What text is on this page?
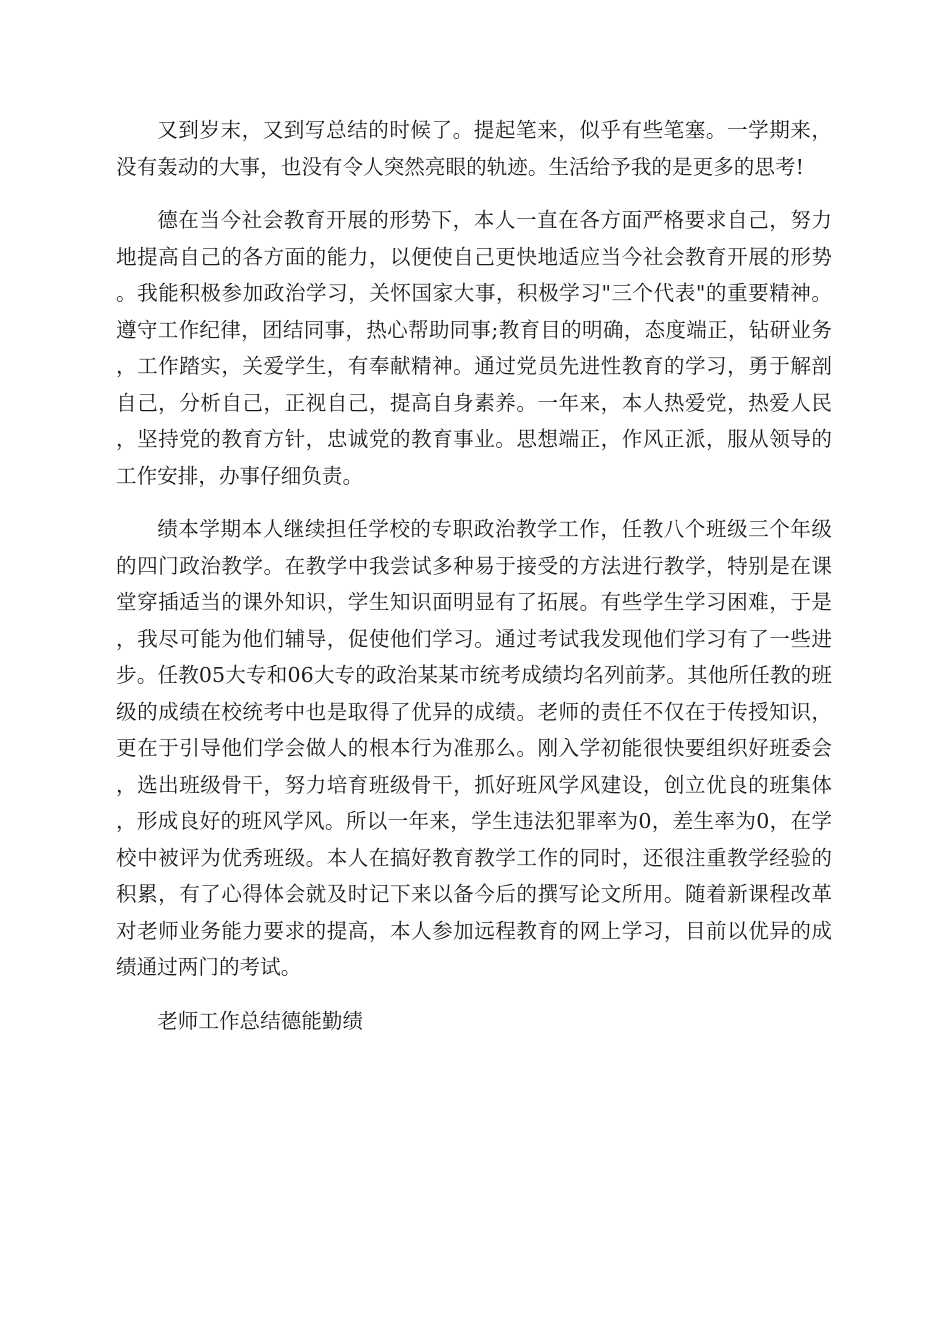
又到岁末，又到写总结的时候了。提起笔来，似乎有些笔塞。一学期来，没有轰动的大事，也没有令人突然亮眼的轨迹。生活给予我的是更多的思考!

德在当今社会教育开展的形势下，本人一直在各方面严格要求自己，努力地提高自己的各方面的能力，以便使自己更快地适应当今社会教育开展的形势。我能积极参加政治学习，关怀国家大事，积极学习"三个代表"的重要精神。遵守工作纪律，团结同事，热心帮助同事;教育目的明确，态度端正，钻研业务，工作踏实，关爱学生，有奉献精神。通过党员先进性教育的学习，勇于解剖自己，分析自己，正视自己，提高自身素养。一年来，本人热爱党，热爱人民，坚持党的教育方针，忠诚党的教育事业。思想端正，作风正派，服从领导的工作安排，办事仔细负责。

绩本学期本人继续担任学校的专职政治教学工作，任教八个班级三个年级的四门政治教学。在教学中我尝试多种易于接受的方法进行教学，特别是在课堂穿插适当的课外知识，学生知识面明显有了拓展。有些学生学习困难，于是，我尽可能为他们辅导，促使他们学习。通过考试我发现他们学习有了一些进步。任教05大专和06大专的政治某某市统考成绩均名列前茅。其他所任教的班级的成绩在校统考中也是取得了优异的成绩。老师的责任不仅在于传授知识，更在于引导他们学会做人的根本行为准那么。刚入学初能很快要组织好班委会，选出班级骨干，努力培育班级骨干，抓好班风学风建设，创立优良的班集体，形成良好的班风学风。所以一年来，学生违法犯罪率为0，差生率为0，在学校中被评为优秀班级。本人在搞好教育教学工作的同时，还很注重教学经验的积累，有了心得体会就及时记下来以备今后的撰写论文所用。随着新课程改革对老师业务能力要求的提高，本人参加远程教育的网上学习，目前以优异的成绩通过两门的考试。

老师工作总结德能勤绩
